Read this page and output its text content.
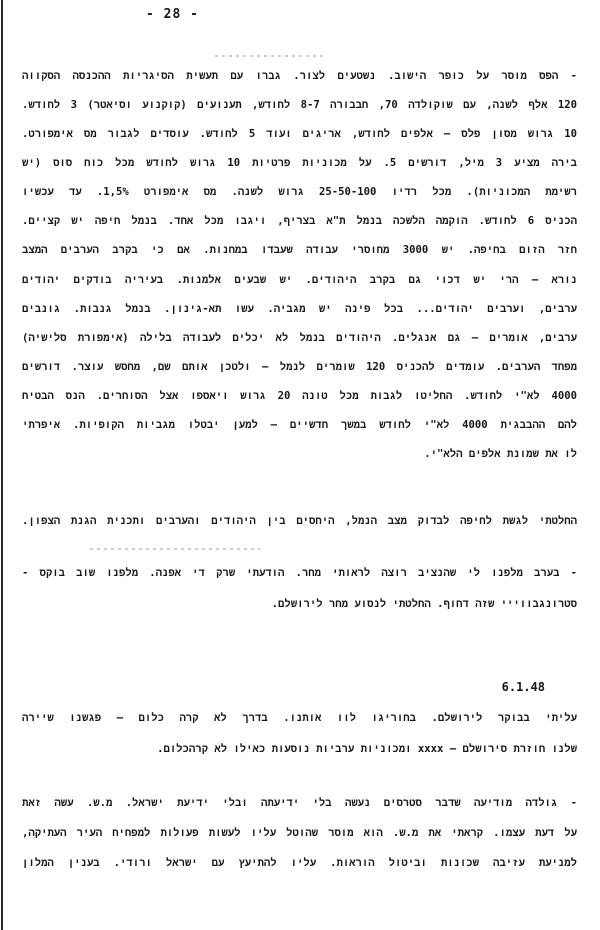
- 28 -
- הפס מוסר על כופר הישוב. נשטעים לצור. גברו עם תעשית הסיגריות ההכנסה הסקווה
120 אלף לשנה, עם שוקולדה 70, חבבורה 8-7 לחודש, תענועים (קוקנוע וסיאטר) 3 לחודש.
10 גרוש מסון פלס – אלפים לחודש, אריגים ועוד 5 לחודש. עוסדים לגבור מס אימפורט.
בירה מציע 3 מיל, דורשים 5. על מכוניות פרטיות 10 גרוש לחודש מכל כוח סוס (יש
רשימת המכוניות). מכל רדיו 25-50-100 גרוש לשנה. מס אימפורט 1,5%. עד עכשיו
הכניס 6 לחודש. הוקמה הלשכה בנמל ת"א בצריף, ויגבו מכל אחד. בנמל חיפה יש קציים.
חזר הזום בחיפה. יש 3000 מחוסרי עבודה שעבדו במחנות. אם כי בקרב הערבים המצב
נורא – הרי יש דכוי גם בקרב היהודים. יש שבעים אלמנות. בעיריה בודקים יהודים
ערבים, וערבים יהודים... בכל פינה יש מגביה. עשו תא-גינון. בנמל גנבות. גונבים
ערבים, אומרים – גם אנגלים. היהודים בנמל לא יכלים לעבודה בלילה (אימפורת סלישיה)
מפחד הערבים. עומדים להכניס 120 שומרים לנמל – ולטכן אותם שם, מחסש עוצר. דורשים
4000 לא"י לחודש. החליטו לגבות מכל טונה 20 גרוש ויאספו אצל הסוחרים. הנס הבטיח
להם ההבבגית 4000 לא"י לחודש במשך חדשיים – למען יבטלו מגביות הקופיות. איפרתי
לו את שמונת אלפים הלא"י.
החלטתי לגשת לחיפה לבדוק מצב הנמל, היחסים בין היהודים והערבים ותכנית הגנת הצפון.
- בערב מלפנו לי שהנציב רוצה לראותי מחר. הודעתי שרק די אפנה. מלפנו שוב בוקס -
סטרונגבווייי שזה דחוף. החלטתי לנסוע מחר לירושלם.
6.1.48
עליתי בבוקר לירושלם. בחוריגו לוו אותנו. בדרך לא קרה כלום – פגשנו שיירה
שלנו חוזרת סירושלם – xxxx ומכוניות ערביות נוסעות כאילו לא קרהכלום.
- גולדה מודיעה שדבר סטרסים נעשה בלי ידיעתה ובלי ידיעת ישראל. מ.ש. עשה זאת
על דעת עצמו. קראתי את מ.ש. הוא מוסר שהוטל עליו לעשות פעולות למפחיח העיר העתיקה,
למניעת עזיבה שכונות וביטול הוראות. עליו להתיעץ עם ישראל ורודי. בענין המלון
